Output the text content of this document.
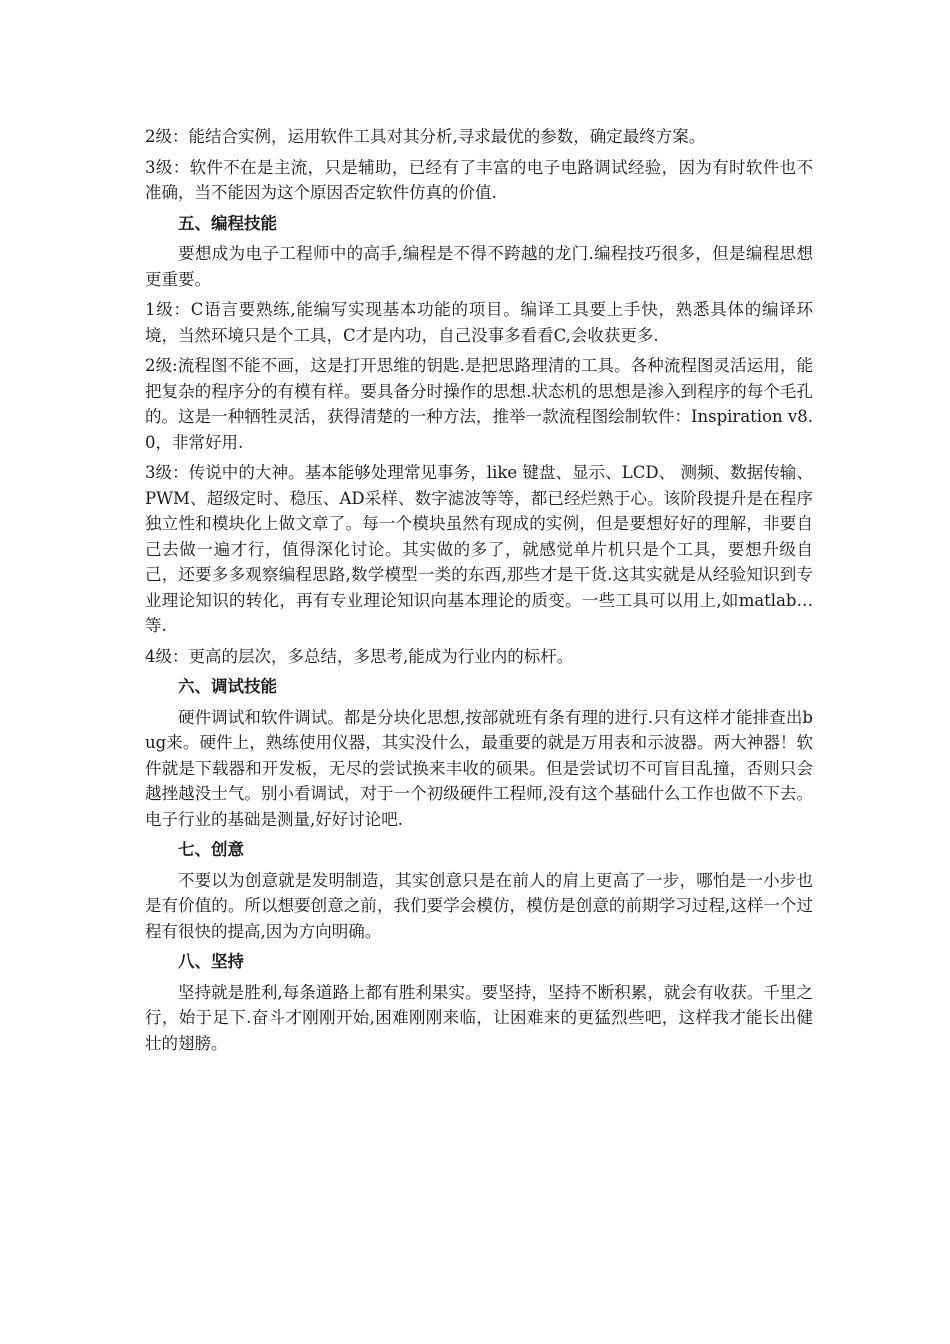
2级：能结合实例，运用软件工具对其分析,寻求最优的参数，确定最终方案。

3级：软件不在是主流，只是辅助，已经有了丰富的电子电路调试经验，因为有时软件也不准确，当不能因为这个原因否定软件仿真的价值.

五、编程技能

要想成为电子工程师中的高手,编程是不得不跨越的龙门.编程技巧很多，但是编程思想更重要。

1级：C语言要熟练,能编写实现基本功能的项目。编译工具要上手快，熟悉具体的编译环境，当然环境只是个工具，C才是内功，自己没事多看看C,会收获更多.

2级:流程图不能不画，这是打开思维的钥匙.是把思路理清的工具。各种流程图灵活运用，能把复杂的程序分的有模有样。要具备分时操作的思想.状态机的思想是渗入到程序的每个毛孔的。这是一种牺牲灵活，获得清楚的一种方法，推举一款流程图绘制软件：Inspiration v8.0，非常好用.

3级：传说中的大神。基本能够处理常见事务，like 键盘、显示、LCD、 测频、数据传输、PWM、超级定时、稳压、AD采样、数字滤波等等，都已经烂熟于心。该阶段提升是在程序独立性和模块化上做文章了。每一个模块虽然有现成的实例，但是要想好好的理解，非要自己去做一遍才行，值得深化讨论。其实做的多了，就感觉单片机只是个工具，要想升级自己，还要多多观察编程思路,数学模型一类的东西,那些才是干货.这其实就是从经验知识到专业理论知识的转化，再有专业理论知识向基本理论的质变。一些工具可以用上,如matlab…等.

4级：更高的层次，多总结，多思考,能成为行业内的标杆。

六、调试技能

硬件调试和软件调试。都是分块化思想,按部就班有条有理的进行.只有这样才能排查出bug来。硬件上，熟练使用仪器，其实没什么，最重要的就是万用表和示波器。两大神器！软件就是下载器和开发板，无尽的尝试换来丰收的硕果。但是尝试切不可盲目乱撞，否则只会越挫越没士气。别小看调试，对于一个初级硬件工程师,没有这个基础什么工作也做不下去。电子行业的基础是测量,好好讨论吧.

七、创意

不要以为创意就是发明制造，其实创意只是在前人的肩上更高了一步，哪怕是一小步也是有价值的。所以想要创意之前，我们要学会模仿，模仿是创意的前期学习过程,这样一个过程有很快的提高,因为方向明确。

八、坚持

坚持就是胜利,每条道路上都有胜利果实。要坚持，坚持不断积累，就会有收获。千里之行，始于足下.奋斗才刚刚开始,困难刚刚来临，让困难来的更猛烈些吧，这样我才能长出健壮的翅膀。
